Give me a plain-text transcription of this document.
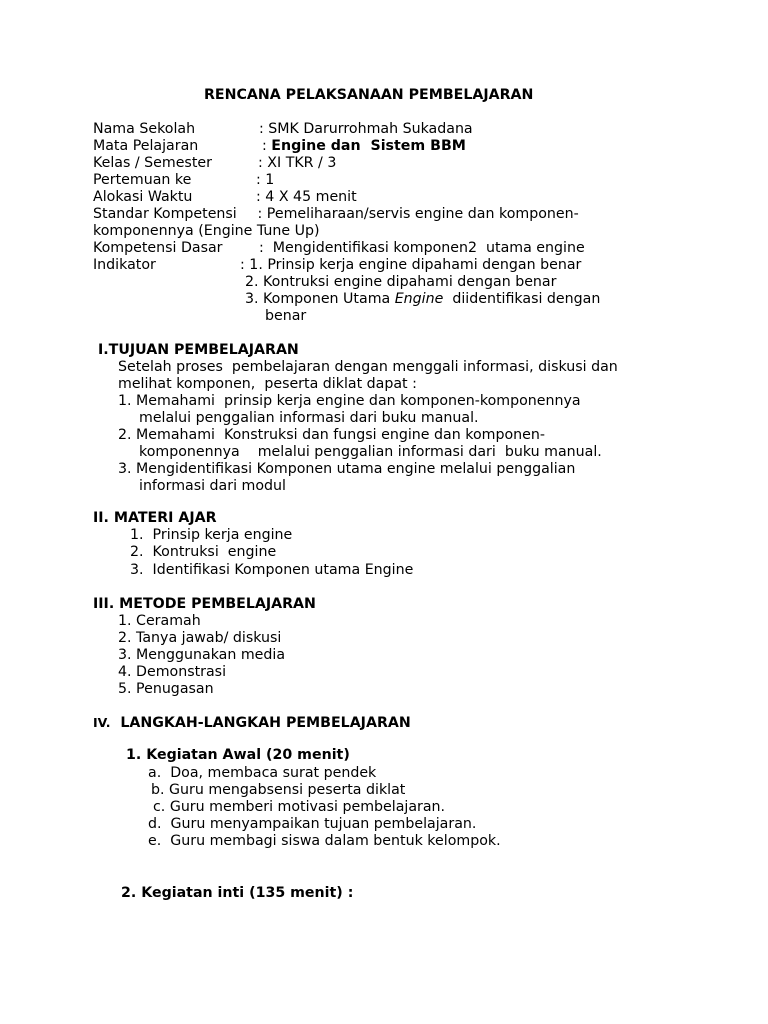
RENCANA PELAKSANAAN PEMBELAJARAN
Nama Sekolah	: SMK Darurrohmah Sukadana
Mata Pelajaran	: Engine dan  Sistem BBM
Kelas / Semester	: XI TKR / 3
Pertemuan ke	: 1
Alokasi Waktu	: 4 X 45 menit
Standar Kompetensi : Pemeliharaan/servis engine dan komponen-
komponennya (Engine Tune Up)
Kompetensi Dasar	:  Mengidentifikasi komponen2  utama engine
Indikator	: 1. Prinsip kerja engine dipahami dengan benar
2. Kontruksi engine dipahami dengan benar
3. Komponen Utama Engine  diidentifikasi dengan
benar
I.TUJUAN PEMBELAJARAN
Setelah proses  pembelajaran dengan menggali informasi, diskusi dan
melihat komponen,  peserta diklat dapat :
1. Memahami  prinsip kerja engine dan komponen-komponennya
melalui penggalian informasi dari buku manual.
2. Memahami  Konstruksi dan fungsi engine dan komponen-
komponennya    melalui penggalian informasi dari  buku manual.
3. Mengidentifikasi Komponen utama engine melalui penggalian
informasi dari modul
II. MATERI AJAR
1.  Prinsip kerja engine
2.  Kontruksi  engine
3.  Identifikasi Komponen utama Engine
III. METODE PEMBELAJARAN
1. Ceramah
2. Tanya jawab/ diskusi
3. Menggunakan media
4. Demonstrasi
5. Penugasan
IV.  LANGKAH-LANGKAH PEMBELAJARAN
1. Kegiatan Awal (20 menit)
a.  Doa, membaca surat pendek
b. Guru mengabsensi peserta diklat
c. Guru memberi motivasi pembelajaran.
d.  Guru menyampaikan tujuan pembelajaran.
e.  Guru membagi siswa dalam bentuk kelompok.
2. Kegiatan inti (135 menit) :
